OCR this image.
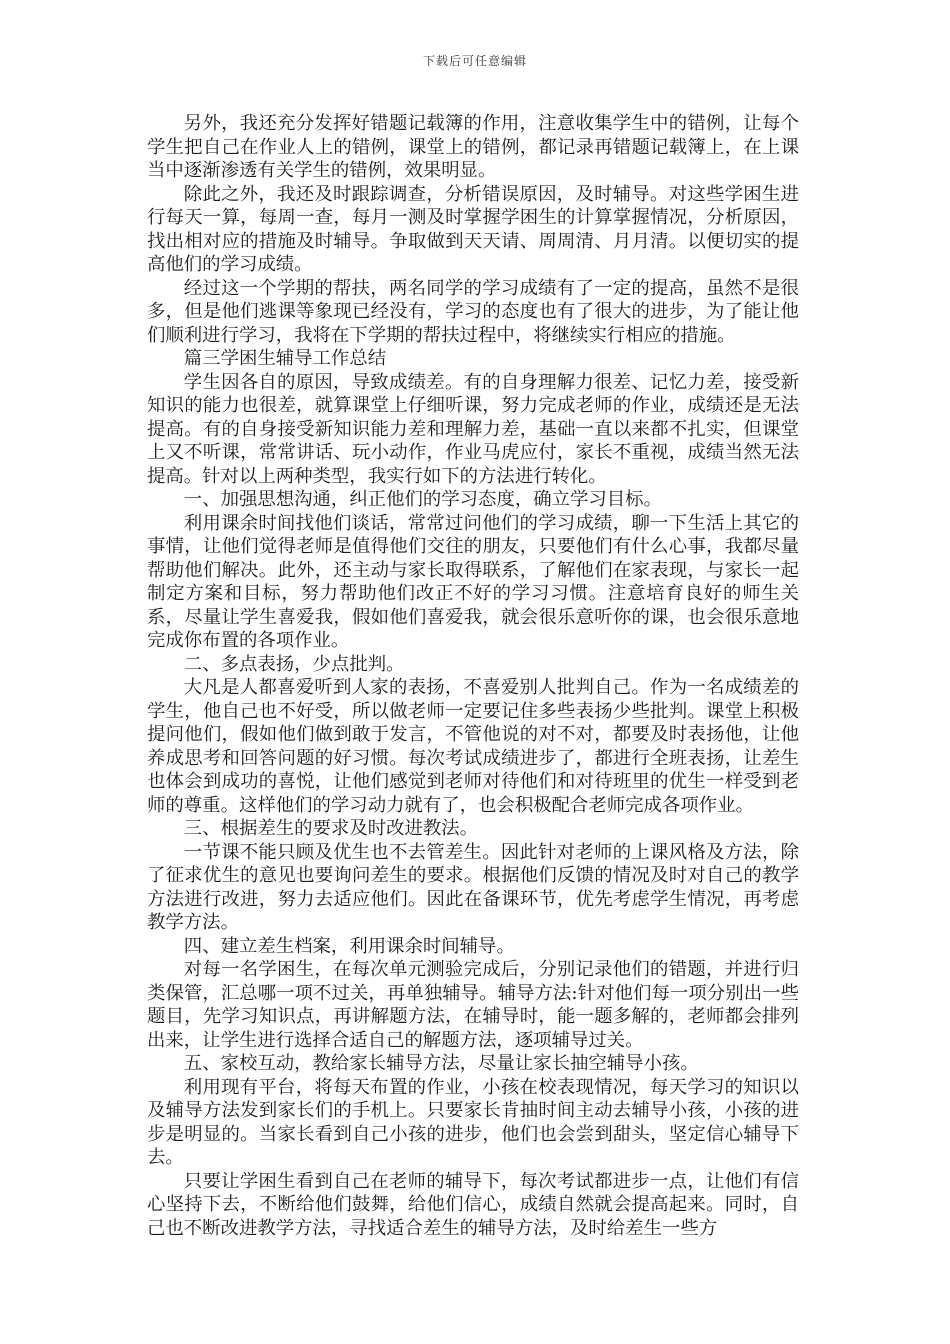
下载后可任意编辑

另外，我还充分发挥好错题记载簿的作用，注意收集学生中的错例，让每个学生把自己在作业人上的错例，课堂上的错例，都记录再错题记载簿上，在上课当中逐渐渗透有关学生的错例，效果明显。

除此之外，我还及时跟踪调查，分析错误原因，及时辅导。对这些学困生进行每天一算，每周一查，每月一测及时掌握学困生的计算掌握情况，分析原因，找出相对应的措施及时辅导。争取做到天天请、周周清、月月清。以便切实的提高他们的学习成绩。

经过这一个学期的帮扶，两名同学的学习成绩有了一定的提高，虽然不是很多，但是他们逃课等象现已经没有，学习的态度也有了很大的进步，为了能让他们顺利进行学习，我将在下学期的帮扶过程中，将继续实行相应的措施。

篇三学困生辅导工作总结

学生因各自的原因，导致成绩差。有的自身理解力很差、记忆力差，接受新知识的能力也很差，就算课堂上仔细听课，努力完成老师的作业，成绩还是无法提高。有的自身接受新知识能力差和理解力差，基础一直以来都不扎实，但课堂上又不听课，常常讲话、玩小动作，作业马虎应付，家长不重视，成绩当然无法提高。针对以上两种类型，我实行如下的方法进行转化。

一、加强思想沟通，纠正他们的学习态度，确立学习目标。

利用课余时间找他们谈话，常常过问他们的学习成绩，聊一下生活上其它的事情，让他们觉得老师是值得他们交往的朋友，只要他们有什么心事，我都尽量帮助他们解决。此外，还主动与家长取得联系，了解他们在家表现，与家长一起制定方案和目标，努力帮助他们改正不好的学习习惯。注意培育良好的师生关系，尽量让学生喜爱我，假如他们喜爱我，就会很乐意听你的课，也会很乐意地完成你布置的各项作业。

二、多点表扬，少点批判。

大凡是人都喜爱听到人家的表扬，不喜爱别人批判自己。作为一名成绩差的学生，他自己也不好受，所以做老师一定要记住多些表扬少些批判。课堂上积极提问他们，假如他们做到敢于发言，不管他说的对不对，都要及时表扬他，让他养成思考和回答问题的好习惯。每次考试成绩进步了，都进行全班表扬，让差生也体会到成功的喜悦，让他们感觉到老师对待他们和对待班里的优生一样受到老师的尊重。这样他们的学习动力就有了，也会积极配合老师完成各项作业。

三、根据差生的要求及时改进教法。

一节课不能只顾及优生也不去管差生。因此针对老师的上课风格及方法，除了征求优生的意见也要询问差生的要求。根据他们反馈的情况及时对自己的教学方法进行改进，努力去适应他们。因此在备课环节，优先考虑学生情况，再考虑教学方法。

四、建立差生档案，利用课余时间辅导。

对每一名学困生，在每次单元测验完成后，分别记录他们的错题，并进行归类保管，汇总哪一项不过关，再单独辅导。辅导方法:针对他们每一项分别出一些题目，先学习知识点，再讲解题方法，在辅导时，能一题多解的，老师都会排列出来，让学生进行选择合适自己的解题方法，逐项辅导过关。

五、家校互动，教给家长辅导方法，尽量让家长抽空辅导小孩。

利用现有平台，将每天布置的作业，小孩在校表现情况，每天学习的知识以及辅导方法发到家长们的手机上。只要家长肯抽时间主动去辅导小孩，小孩的进步是明显的。当家长看到自己小孩的进步，他们也会尝到甜头，坚定信心辅导下去。

只要让学困生看到自己在老师的辅导下，每次考试都进步一点，让他们有信心坚持下去，不断给他们鼓舞，给他们信心，成绩自然就会提高起来。同时，自己也不断改进教学方法，寻找适合差生的辅导方法，及时给差生一些方
